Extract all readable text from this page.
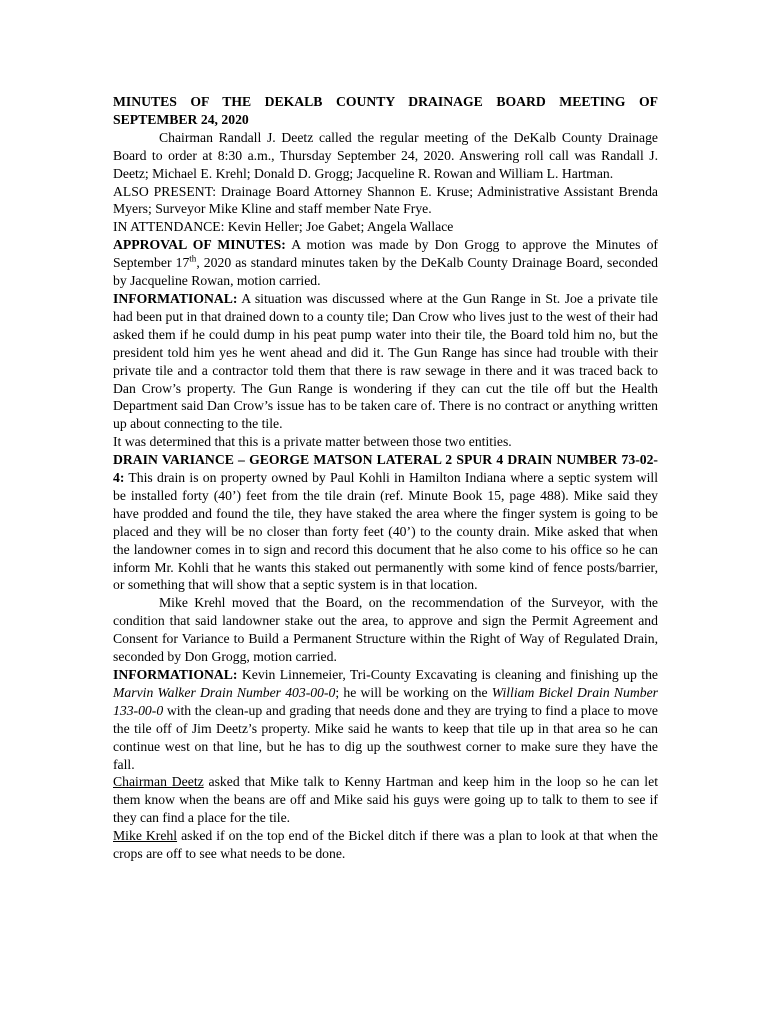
MINUTES OF THE DEKALB COUNTY DRAINAGE BOARD MEETING OF SEPTEMBER 24, 2020

Chairman Randall J. Deetz called the regular meeting of the DeKalb County Drainage Board to order at 8:30 a.m., Thursday September 24, 2020. Answering roll call was Randall J. Deetz; Michael E. Krehl; Donald D. Grogg; Jacqueline R. Rowan and William L. Hartman.

ALSO PRESENT: Drainage Board Attorney Shannon E. Kruse; Administrative Assistant Brenda Myers; Surveyor Mike Kline and staff member Nate Frye.

IN ATTENDANCE: Kevin Heller; Joe Gabet; Angela Wallace

APPROVAL OF MINUTES: A motion was made by Don Grogg to approve the Minutes of September 17th, 2020 as standard minutes taken by the DeKalb County Drainage Board, seconded by Jacqueline Rowan, motion carried.

INFORMATIONAL: A situation was discussed where at the Gun Range in St. Joe a private tile had been put in that drained down to a county tile; Dan Crow who lives just to the west of their had asked them if he could dump in his peat pump water into their tile, the Board told him no, but the president told him yes he went ahead and did it. The Gun Range has since had trouble with their private tile and a contractor told them that there is raw sewage in there and it was traced back to Dan Crow’s property. The Gun Range is wondering if they can cut the tile off but the Health Department said Dan Crow’s issue has to be taken care of. There is no contract or anything written up about connecting to the tile.

It was determined that this is a private matter between those two entities.

DRAIN VARIANCE – GEORGE MATSON LATERAL 2 SPUR 4 DRAIN NUMBER 73-02-4: This drain is on property owned by Paul Kohli in Hamilton Indiana where a septic system will be installed forty (40’) feet from the tile drain (ref. Minute Book 15, page 488). Mike said they have prodded and found the tile, they have staked the area where the finger system is going to be placed and they will be no closer than forty feet (40’) to the county drain. Mike asked that when the landowner comes in to sign and record this document that he also come to his office so he can inform Mr. Kohli that he wants this staked out permanently with some kind of fence posts/barrier, or something that will show that a septic system is in that location.

Mike Krehl moved that the Board, on the recommendation of the Surveyor, with the condition that said landowner stake out the area, to approve and sign the Permit Agreement and Consent for Variance to Build a Permanent Structure within the Right of Way of Regulated Drain, seconded by Don Grogg, motion carried.

INFORMATIONAL: Kevin Linnemeier, Tri-County Excavating is cleaning and finishing up the Marvin Walker Drain Number 403-00-0; he will be working on the William Bickel Drain Number 133-00-0 with the clean-up and grading that needs done and they are trying to find a place to move the tile off of Jim Deetz’s property. Mike said he wants to keep that tile up in that area so he can continue west on that line, but he has to dig up the southwest corner to make sure they have the fall.

Chairman Deetz asked that Mike talk to Kenny Hartman and keep him in the loop so he can let them know when the beans are off and Mike said his guys were going up to talk to them to see if they can find a place for the tile.

Mike Krehl asked if on the top end of the Bickel ditch if there was a plan to look at that when the crops are off to see what needs to be done.
